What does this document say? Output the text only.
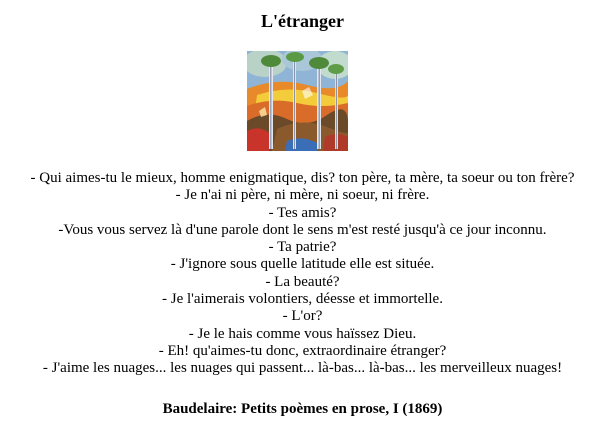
L'étranger
- Qui aimes-tu le mieux, homme enigmatique, dis? ton père, ta mère, ta soeur ou ton frère?
- Je n'ai ni père, ni mère, ni soeur, ni frère.
- Tes amis?
-Vous vous servez là d'une parole dont le sens m'est resté jusqu'à ce jour inconnu.
- Ta patrie?
- J'ignore sous quelle latitude elle est située.
- La beauté?
- Je l'aimerais volontiers, déesse et immortelle.
- L'or?
- Je le hais comme vous haïssez Dieu.
- Eh! qu'aimes-tu donc, extraordinaire étranger?
- J'aime les nuages... les nuages qui passent... là-bas... là-bas... les merveilleux nuages!
Baudelaire: Petits poèmes en prose, I (1869)
